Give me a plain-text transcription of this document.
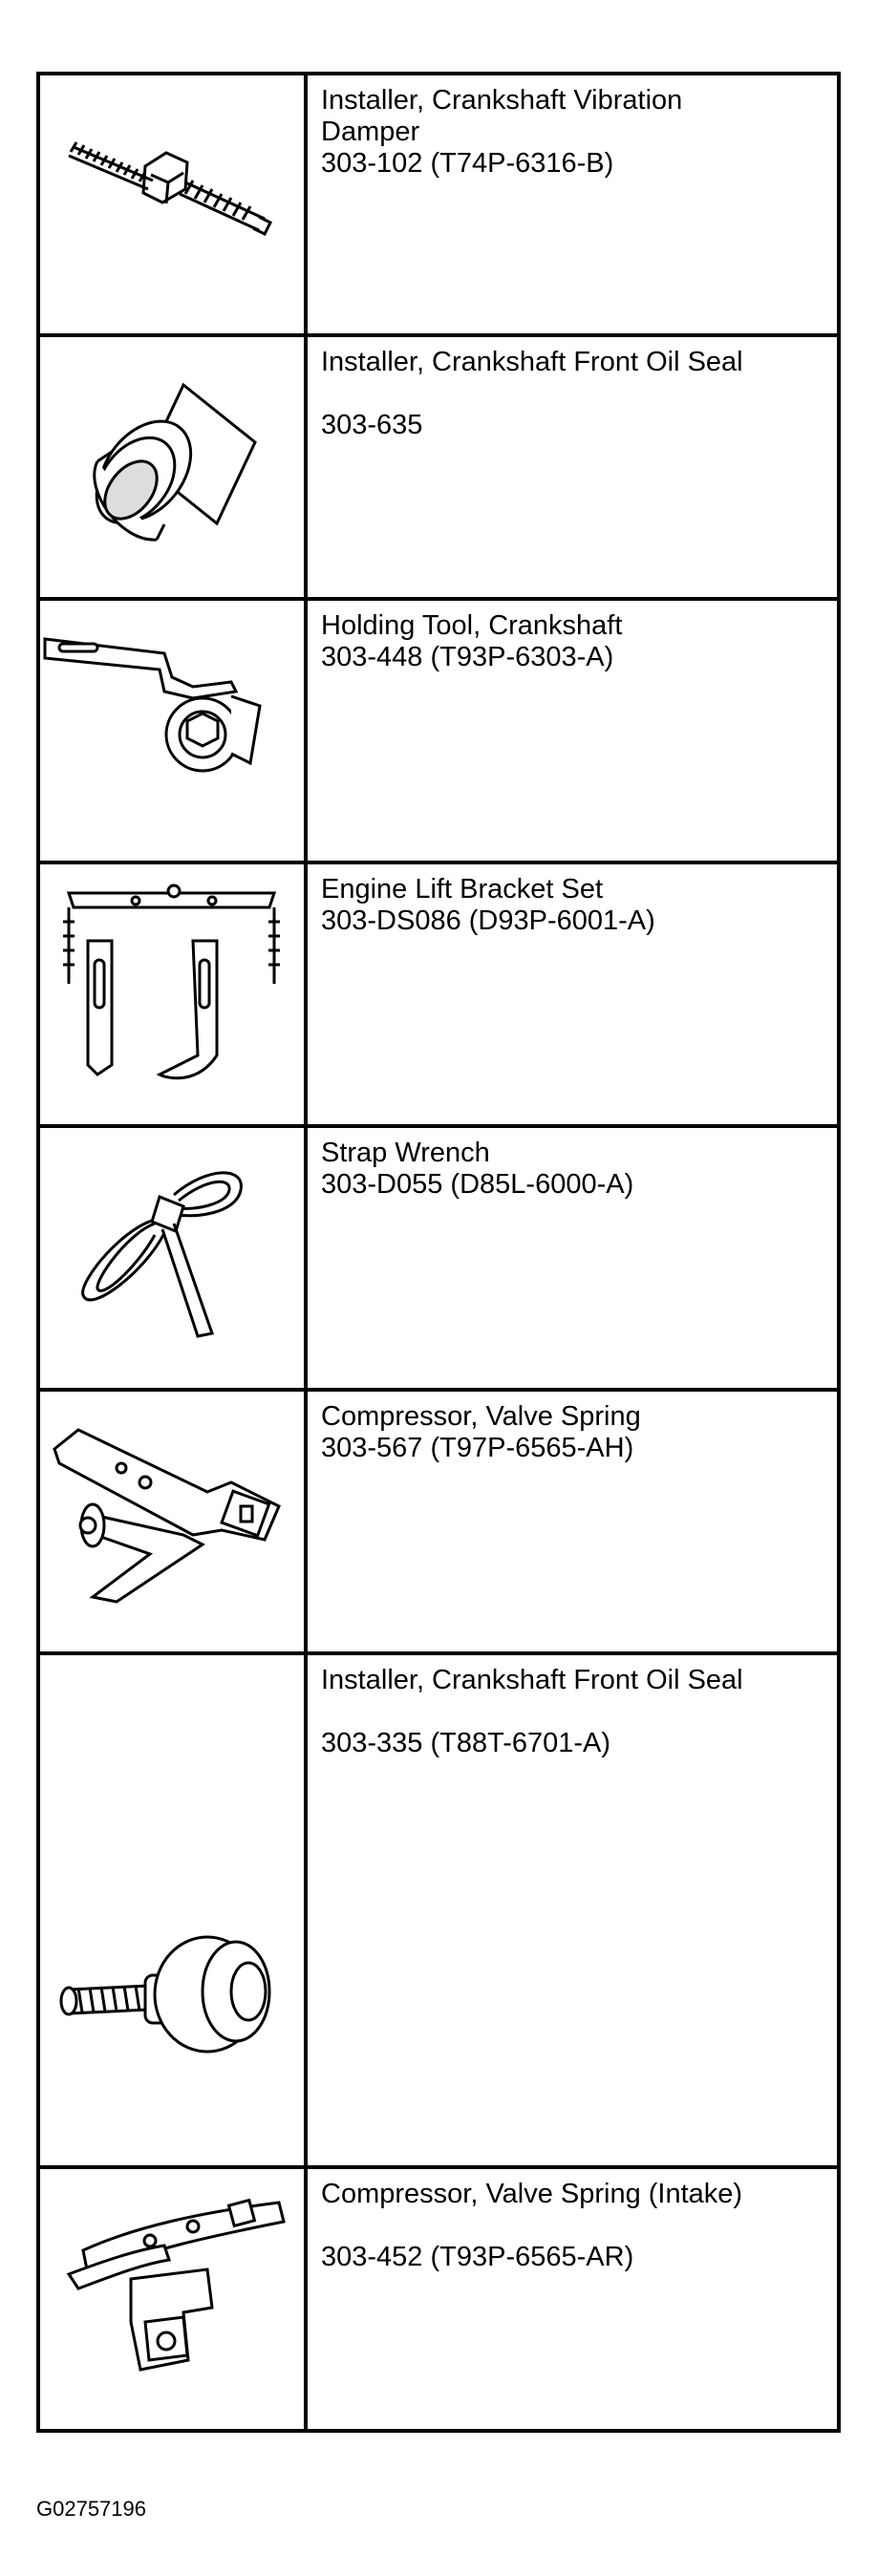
Installer, Crankshaft Vibration Damper
303-102 (T74P-6316-B)

Installer, Crankshaft Front Oil Seal
303-635

Holding Tool, Crankshaft
303-448 (T93P-6303-A)

Engine Lift Bracket Set
303-DS086 (D93P-6001-A)

Strap Wrench
303-D055 (D85L-6000-A)

Compressor, Valve Spring
303-567 (T97P-6565-AH)

Installer, Crankshaft Front Oil Seal
303-335 (T88T-6701-A)

Compressor, Valve Spring (Intake)
303-452 (T93P-6565-AR)
G02757196
